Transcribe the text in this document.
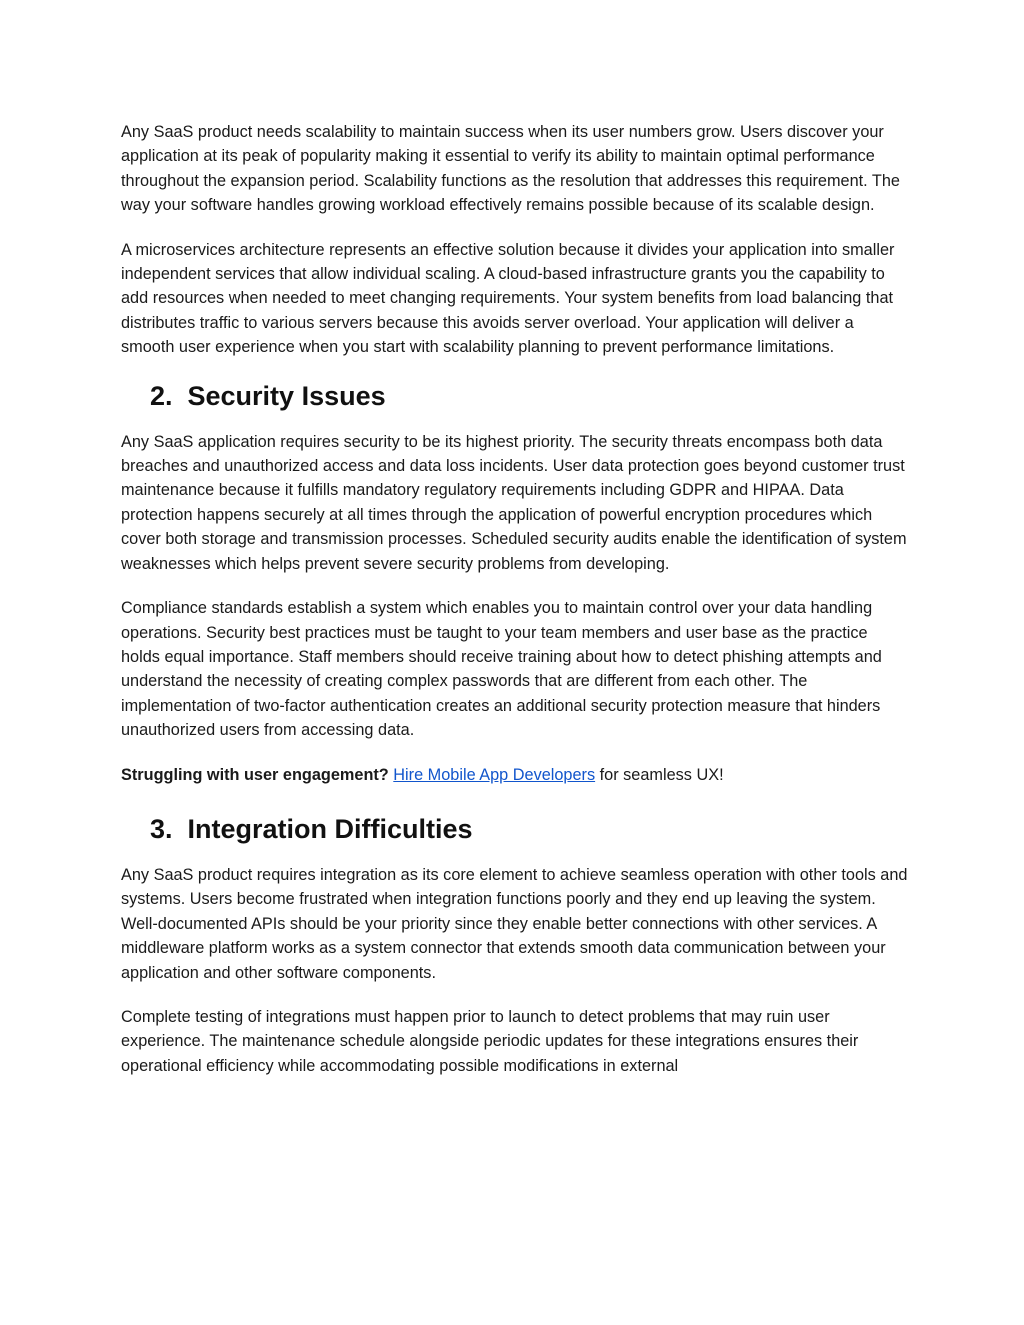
Any SaaS product needs scalability to maintain success when its user numbers grow. Users discover your application at its peak of popularity making it essential to verify its ability to maintain optimal performance throughout the expansion period. Scalability functions as the resolution that addresses this requirement. The way your software handles growing workload effectively remains possible because of its scalable design.

A microservices architecture represents an effective solution because it divides your application into smaller independent services that allow individual scaling. A cloud-based infrastructure grants you the capability to add resources when needed to meet changing requirements. Your system benefits from load balancing that distributes traffic to various servers because this avoids server overload. Your application will deliver a smooth user experience when you start with scalability planning to prevent performance limitations.

2. Security Issues

Any SaaS application requires security to be its highest priority. The security threats encompass both data breaches and unauthorized access and data loss incidents. User data protection goes beyond customer trust maintenance because it fulfills mandatory regulatory requirements including GDPR and HIPAA. Data protection happens securely at all times through the application of powerful encryption procedures which cover both storage and transmission processes. Scheduled security audits enable the identification of system weaknesses which helps prevent severe security problems from developing.

Compliance standards establish a system which enables you to maintain control over your data handling operations. Security best practices must be taught to your team members and user base as the practice holds equal importance. Staff members should receive training about how to detect phishing attempts and understand the necessity of creating complex passwords that are different from each other. The implementation of two-factor authentication creates an additional security protection measure that hinders unauthorized users from accessing data.

Struggling with user engagement? Hire Mobile App Developers for seamless UX!

3. Integration Difficulties

Any SaaS product requires integration as its core element to achieve seamless operation with other tools and systems. Users become frustrated when integration functions poorly and they end up leaving the system. Well-documented APIs should be your priority since they enable better connections with other services. A middleware platform works as a system connector that extends smooth data communication between your application and other software components.

Complete testing of integrations must happen prior to launch to detect problems that may ruin user experience. The maintenance schedule alongside periodic updates for these integrations ensures their operational efficiency while accommodating possible modifications in external
